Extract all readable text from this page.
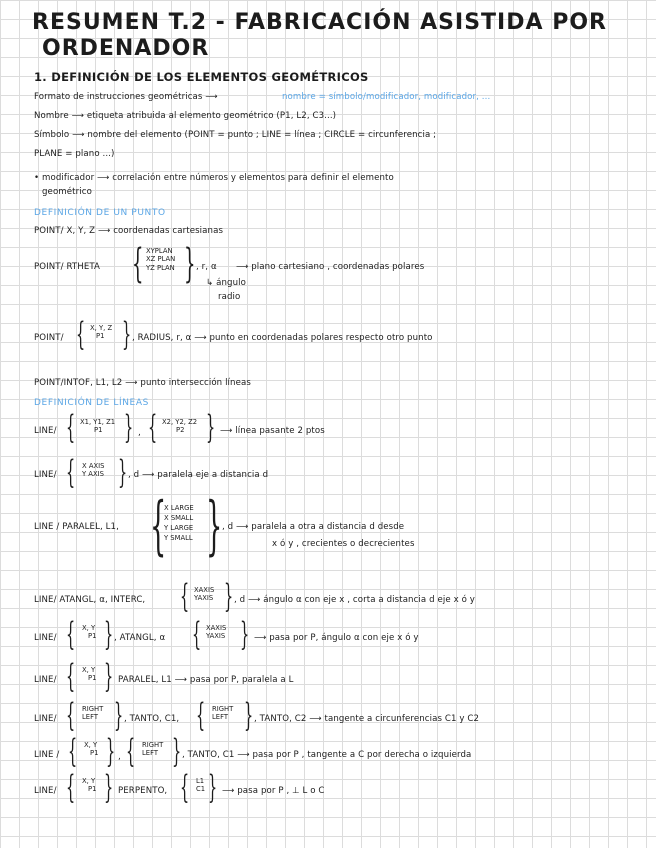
RESUMEN T.2 - FABRICACIÓN ASISTIDA POR
ORDENADOR
1. DEFINICIÓN DE LOS ELEMENTOS GEOMÉTRICOS
Formato de instrucciones geométricas ⟶	nombre = símbolo/modificador, modificador, ...
Nombre ⟶ etiqueta atribuida al elemento geométrico (P1, L2, C3...)
Símbolo ⟶ nombre del elemento (POINT = punto ; LINE = línea ; CIRCLE = circunferencia ;
PLANE = plano ...)
• modificador ⟶ correlación entre números y elementos para definir el elemento
geométrico
DEFINICIÓN DE UN PUNTO
POINT/ X, Y, Z ⟶ coordenadas cartesianas
POINT/ RTHETA { XYPLAN
XZ PLAN
YZ PLAN } , r, α ⟶ plano cartesiano , coordenadas polares
↳ ángulo
radio
POINT/ { X, Y, Z
P1 } , RADIUS, r, α ⟶ punto en coordenadas polares respecto otro punto
POINT/INTOF, L1, L2 ⟶ punto intersección líneas
DEFINICIÓN DE LÍNEAS
LINE/ { X1, Y1, Z1
P1 } , { X2, Y2, Z2
P2 } ⟶ línea pasante 2 ptos
LINE/ { X AXIS
Y AXIS } , d ⟶ paralela eje a distancia d
LINE / PARALEL, L1, {
X LARGE
X SMALL
Y LARGE
Y SMALL } , d ⟶ paralela a otra a distancia d desde
x ó y , crecientes o decrecientes
LINE/ ATANGL, α, INTERC, { XAXIS
YAXIS } , d ⟶ ángulo α con eje x , corta a distancia d eje x ó y
LINE/ { X, Y
P1 } , ATANGL, α { XAXIS
YAXIS } ⟶ pasa por P, ángulo α con eje x ó y
LINE/ { X, Y
P1 } PARALEL, L1 ⟶ pasa por P, paralela a L
LINE/ { RIGHT
LEFT } , TANTO, C1, { RIGHT
LEFT } , TANTO, C2 ⟶ tangente a circunferencias C1 y C2
LINE / { X, Y
P1 } , { RIGHT
LEFT } , TANTO, C1 ⟶ pasa por P , tangente a C por derecha o izquierda
LINE/ { X, Y
P1 } PERPENTO, { L1
C1 } ⟶ pasa por P , ⊥ L o C
